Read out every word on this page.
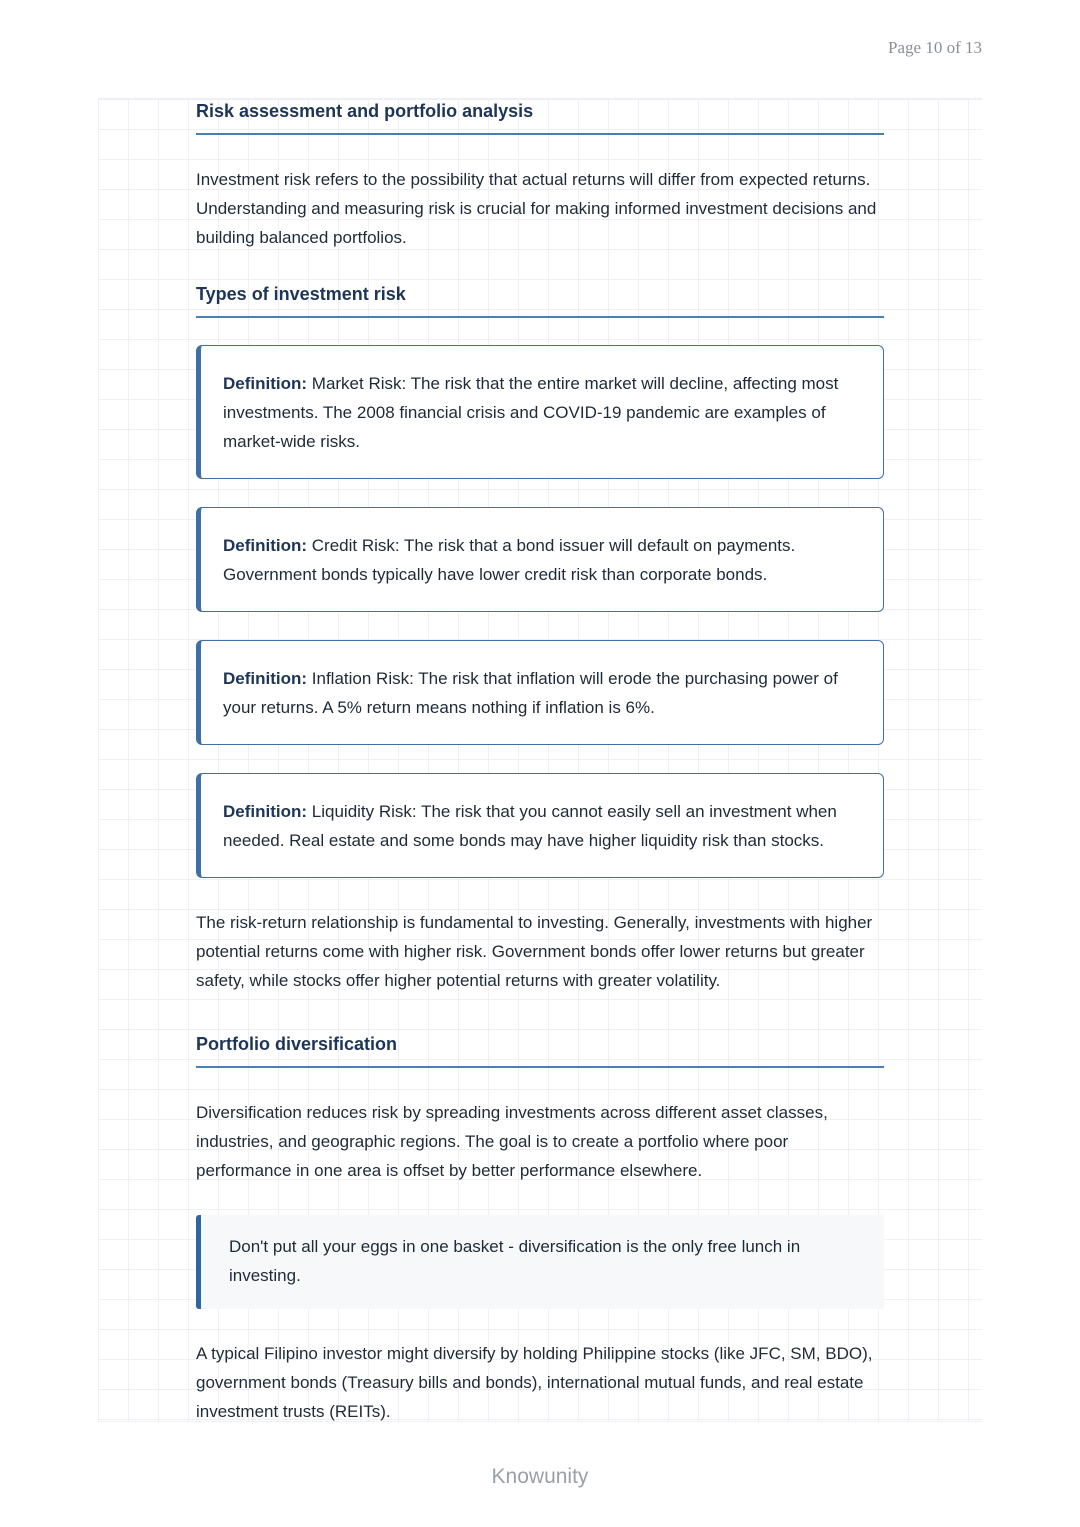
Page 10 of 13
Risk assessment and portfolio analysis

Investment risk refers to the possibility that actual returns will differ from expected returns. Understanding and measuring risk is crucial for making informed investment decisions and building balanced portfolios.

Types of investment risk
Definition: Market Risk: The risk that the entire market will decline, affecting most investments. The 2008 financial crisis and COVID-19 pandemic are examples of market-wide risks.
Definition: Credit Risk: The risk that a bond issuer will default on payments. Government bonds typically have lower credit risk than corporate bonds.
Definition: Inflation Risk: The risk that inflation will erode the purchasing power of your returns. A 5% return means nothing if inflation is 6%.
Definition: Liquidity Risk: The risk that you cannot easily sell an investment when needed. Real estate and some bonds may have higher liquidity risk than stocks.

The risk-return relationship is fundamental to investing. Generally, investments with higher potential returns come with higher risk. Government bonds offer lower returns but greater safety, while stocks offer higher potential returns with greater volatility.

Portfolio diversification

Diversification reduces risk by spreading investments across different asset classes, industries, and geographic regions. The goal is to create a portfolio where poor performance in one area is offset by better performance elsewhere.

Don't put all your eggs in one basket - diversification is the only free lunch in investing.

A typical Filipino investor might diversify by holding Philippine stocks (like JFC, SM, BDO), government bonds (Treasury bills and bonds), international mutual funds, and real estate investment trusts (REITs).

Knowunity
